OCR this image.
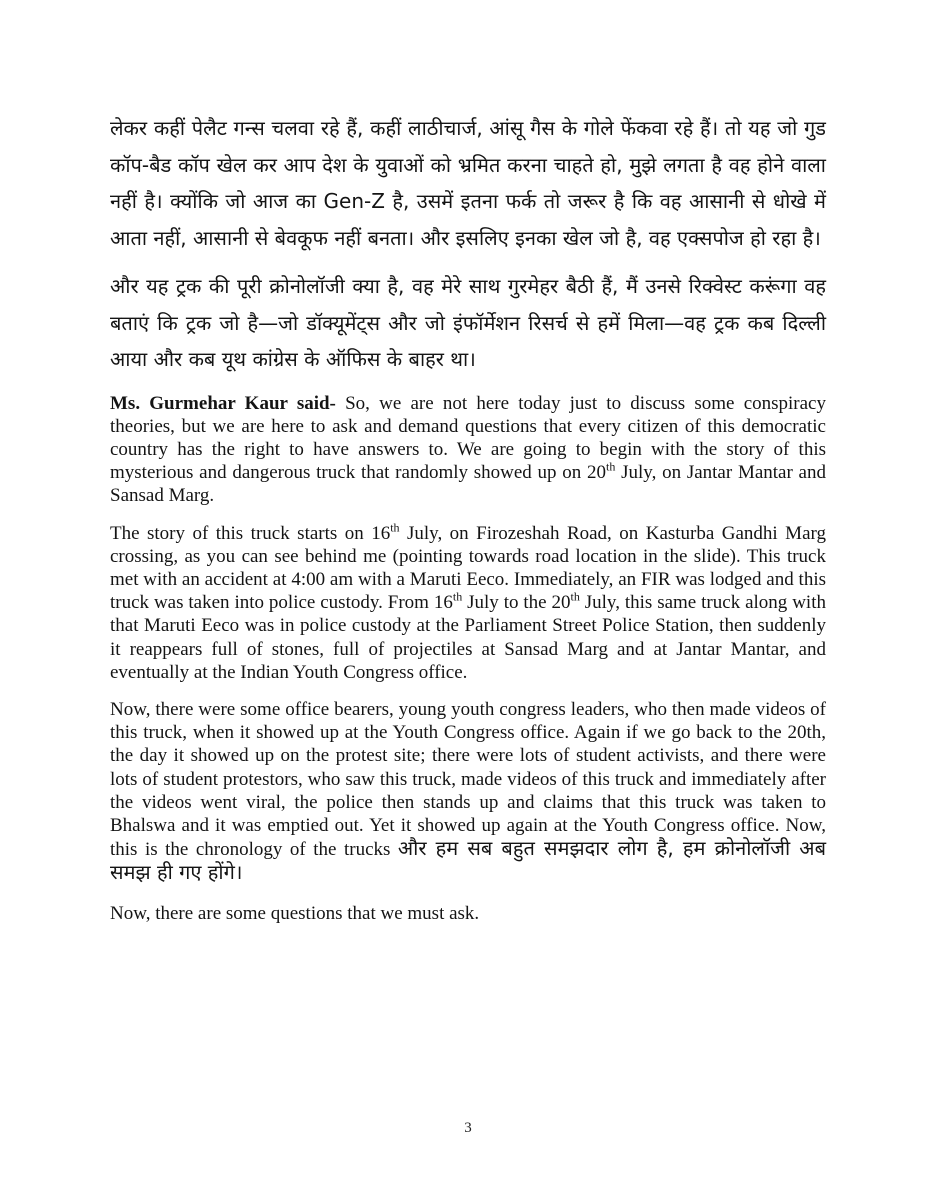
लेकर कहीं पेलैट गन्स चलवा रहे हैं, कहीं लाठीचार्ज, आंसू गैस के गोले फेंकवा रहे हैं। तो यह जो गुड कॉप-बैड कॉप खेल कर आप देश के युवाओं को भ्रमित करना चाहते हो, मुझे लगता है वह होने वाला नहीं है। क्योंकि जो आज का Gen-Z है, उसमें इतना फर्क तो जरूर है कि वह आसानी से धोखे में आता नहीं, आसानी से बेवकूफ नहीं बनता। और इसलिए इनका खेल जो है, वह एक्सपोज हो रहा है।

और यह ट्रक की पूरी क्रोनोलॉजी क्या है, वह मेरे साथ गुरमेहर बैठी हैं, मैं उनसे रिक्वेस्ट करूंगा वह बताएं कि ट्रक जो है—जो डॉक्यूमेंट्स और जो इंफॉर्मेशन रिसर्च से हमें मिला—वह ट्रक कब दिल्ली आया और कब यूथ कांग्रेस के ऑफिस के बाहर था।

Ms. Gurmehar Kaur said- So, we are not here today just to discuss some conspiracy theories, but we are here to ask and demand questions that every citizen of this democratic country has the right to have answers to. We are going to begin with the story of this mysterious and dangerous truck that randomly showed up on 20th July, on Jantar Mantar and Sansad Marg.

The story of this truck starts on 16th July, on Firozeshah Road, on Kasturba Gandhi Marg crossing, as you can see behind me (pointing towards road location in the slide). This truck met with an accident at 4:00 am with a Maruti Eeco. Immediately, an FIR was lodged and this truck was taken into police custody. From 16th July to the 20th July, this same truck along with that Maruti Eeco was in police custody at the Parliament Street Police Station, then suddenly it reappears full of stones, full of projectiles at Sansad Marg and at Jantar Mantar, and eventually at the Indian Youth Congress office.

Now, there were some office bearers, young youth congress leaders, who then made videos of this truck, when it showed up at the Youth Congress office. Again if we go back to the 20th, the day it showed up on the protest site; there were lots of student activists, and there were lots of student protestors, who saw this truck, made videos of this truck and immediately after the videos went viral, the police then stands up and claims that this truck was taken to Bhalswa and it was emptied out. Yet it showed up again at the Youth Congress office. Now, this is the chronology of the trucks और हम सब बहुत समझदार लोग है, हम क्रोनोलॉजी अब समझ ही गए होंगे।

Now, there are some questions that we must ask.

3
